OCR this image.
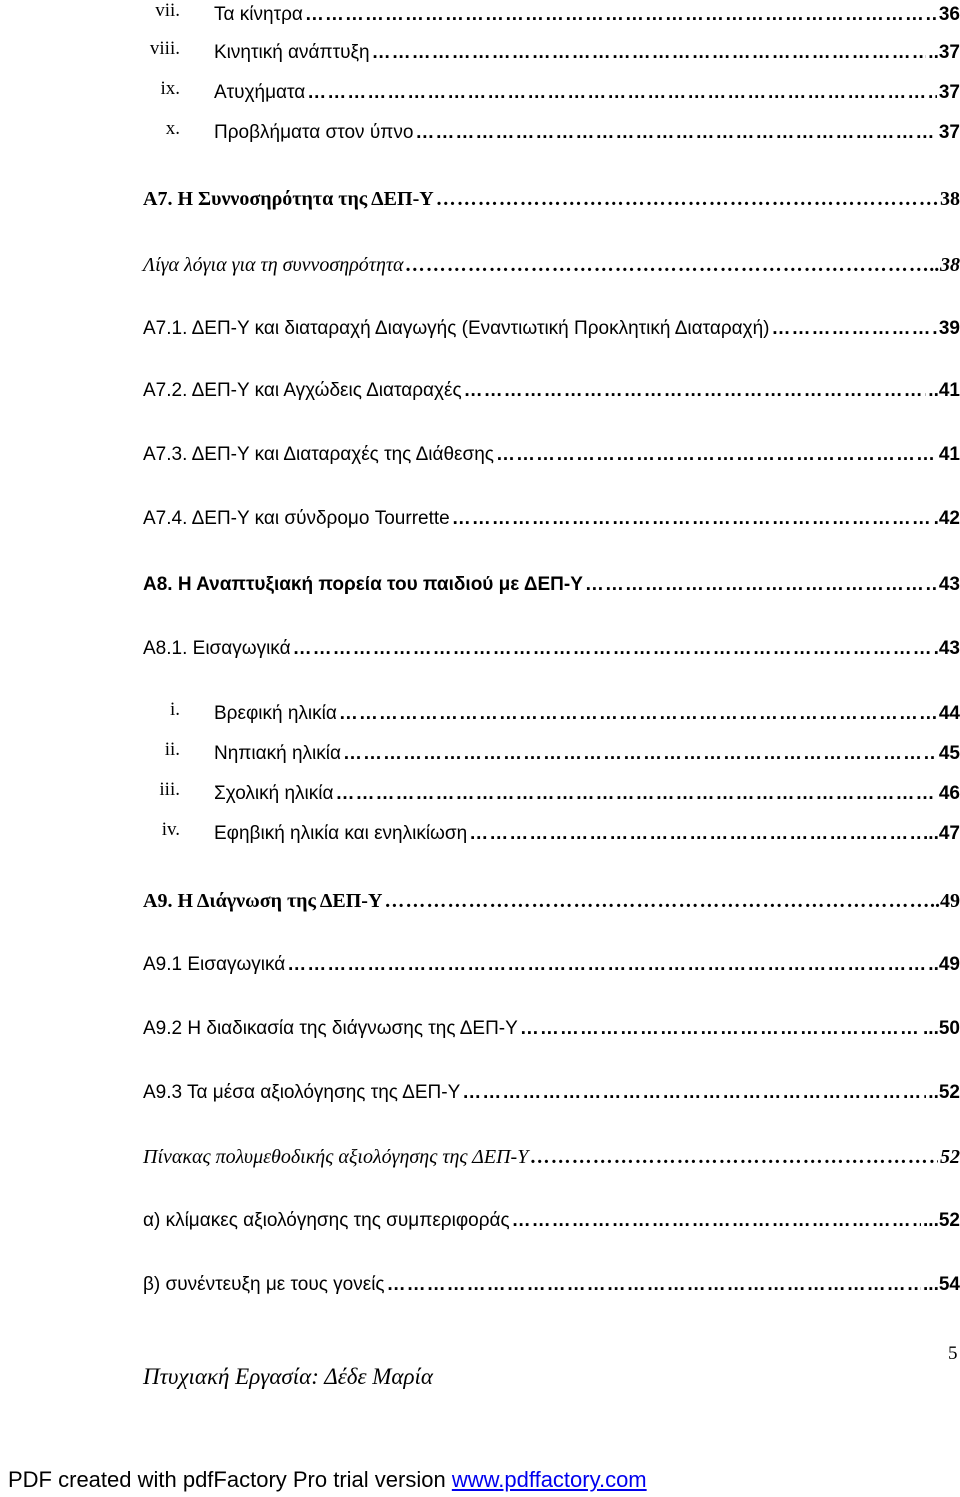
vii. Τα κίνητρα …………………………………………………………………………………………………………………………………………………………………………………………	36
viii. Κινητική ανάπτυξη …………………………………………………………………………………………………………………………………………………………………………………………	..37
ix. Ατυχήματα …………………………………………………………………………………………………………………………………………………………………………………………	37
x. Προβλήματα στον ύπνο …………………………………………………………………………………………………………………………………………………………………………………………	37
Α7. Η Συννοσηρότητα της ΔΕΠ-Υ …………………………………………………………………………………………………………………………………………………………………………………………	38
Λίγα λόγια για τη συννοσηρότητα …………………………………………………………………………………………………………………………………………………………………………………………	..38
Α7.1. ΔΕΠ-Υ και διαταραχή Διαγωγής (Εναντιωτική Προκλητική Διαταραχή) …………………………………………………………………………………………………………………………………………………………………………………………	39
Α7.2. ΔΕΠ-Υ και Αγχώδεις Διαταραχές …………………………………………………………………………………………………………………………………………………………………………………………	..41
Α7.3. ΔΕΠ-Υ και Διαταραχές της Διάθεσης …………………………………………………………………………………………………………………………………………………………………………………………	41
Α7.4. ΔΕΠ-Υ και σύνδρομο Tourrette …………………………………………………………………………………………………………………………………………………………………………………………	.42
Α8. Η Αναπτυξιακή πορεία του παιδιού με ΔΕΠ-Υ …………………………………………………………………………………………………………………………………………………………………………………………	43
Α8.1. Εισαγωγικά …………………………………………………………………………………………………………………………………………………………………………………………	.43
i. Βρεφική ηλικία …………………………………………………………………………………………………………………………………………………………………………………………	44
ii. Νηπιακή ηλικία …………………………………………………………………………………………………………………………………………………………………………………………	45
iii. Σχολική ηλικία …………………………………………………………………………………………………………………………………………………………………………………………	46
iv. Εφηβική ηλικία και ενηλικίωση …………………………………………………………………………………………………………………………………………………………………………………………	...47
Α9. Η Διάγνωση της ΔΕΠ-Υ …………………………………………………………………………………………………………………………………………………………………………………………	..49
Α9.1 Εισαγωγικά …………………………………………………………………………………………………………………………………………………………………………………………	..49
Α9.2 Η διαδικασία της διάγνωσης της ΔΕΠ-Υ …………………………………………………………………………………………………………………………………………………………………………………………	...50
Α9.3 Τα μέσα αξιολόγησης της ΔΕΠ-Υ …………………………………………………………………………………………………………………………………………………………………………………………	..52
Πίνακας πολυμεθοδικής αξιολόγησης της ΔΕΠ-Υ …………………………………………………………………………………………………………………………………………………………………………………………	52
α) κλίμακες αξιολόγησης της συμπεριφοράς …………………………………………………………………………………………………………………………………………………………………………………………	...52
β) συνέντευξη με τους γονείς …………………………………………………………………………………………………………………………………………………………………………………………	...54
5
Πτυχιακή Εργασία: Δέδε Μαρία
PDF created with pdfFactory Pro trial version www.pdffactory.com
